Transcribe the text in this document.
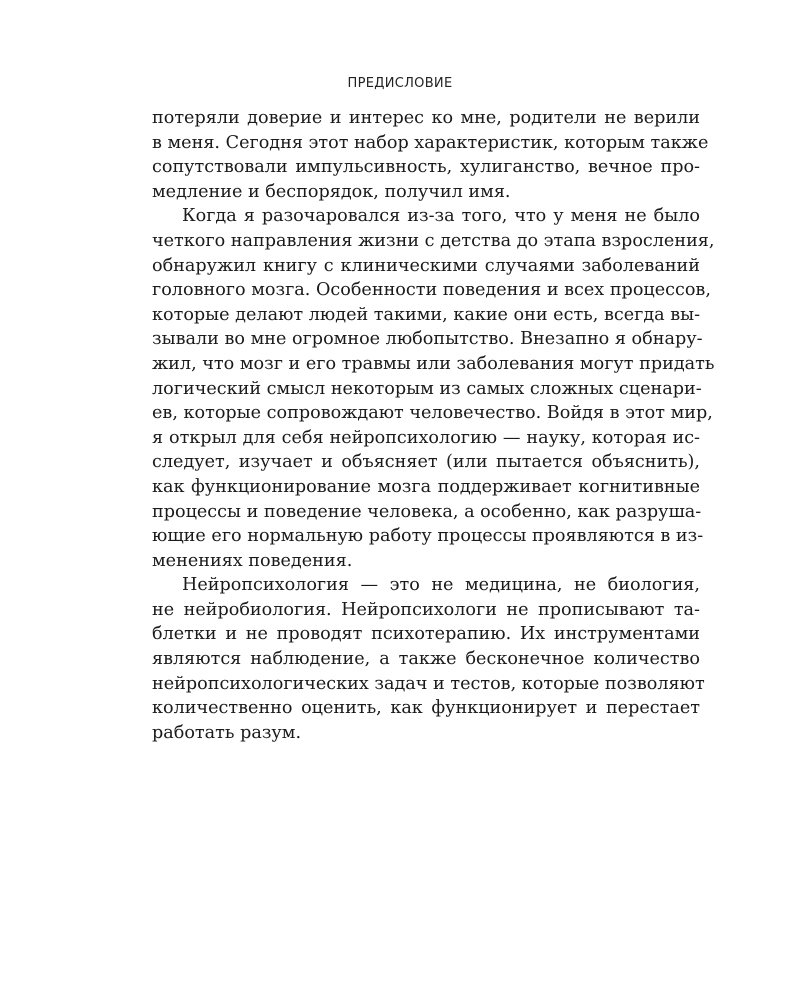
ПРЕДИСЛОВИЕ

потеряли доверие и интерес ко мне, родители не верили
в меня. Сегодня этот набор характеристик, которым также
сопутствовали импульсивность, хулиганство, вечное про-
медление и беспорядок, получил имя.

Когда я разочаровался из-за того, что у меня не было
четкого направления жизни с детства до этапа взросления,
обнаружил книгу с клиническими случаями заболеваний
головного мозга. Особенности поведения и всех процессов,
которые делают людей такими, какие они есть, всегда вы-
зывали во мне огромное любопытство. Внезапно я обнару-
жил, что мозг и его травмы или заболевания могут придать
логический смысл некоторым из самых сложных сценари-
ев, которые сопровождают человечество. Войдя в этот мир,
я открыл для себя нейропсихологию — науку, которая ис-
следует, изучает и объясняет (или пытается объяснить),
как функционирование мозга поддерживает когнитивные
процессы и поведение человека, а особенно, как разруша-
ющие его нормальную работу процессы проявляются в из-
менениях поведения.

Нейропсихология — это не медицина, не биология,
не нейробиология. Нейропсихологи не прописывают та-
блетки и не проводят психотерапию. Их инструментами
являются наблюдение, а также бесконечное количество
нейропсихологических задач и тестов, которые позволяют
количественно оценить, как функционирует и перестает
работать разум.
